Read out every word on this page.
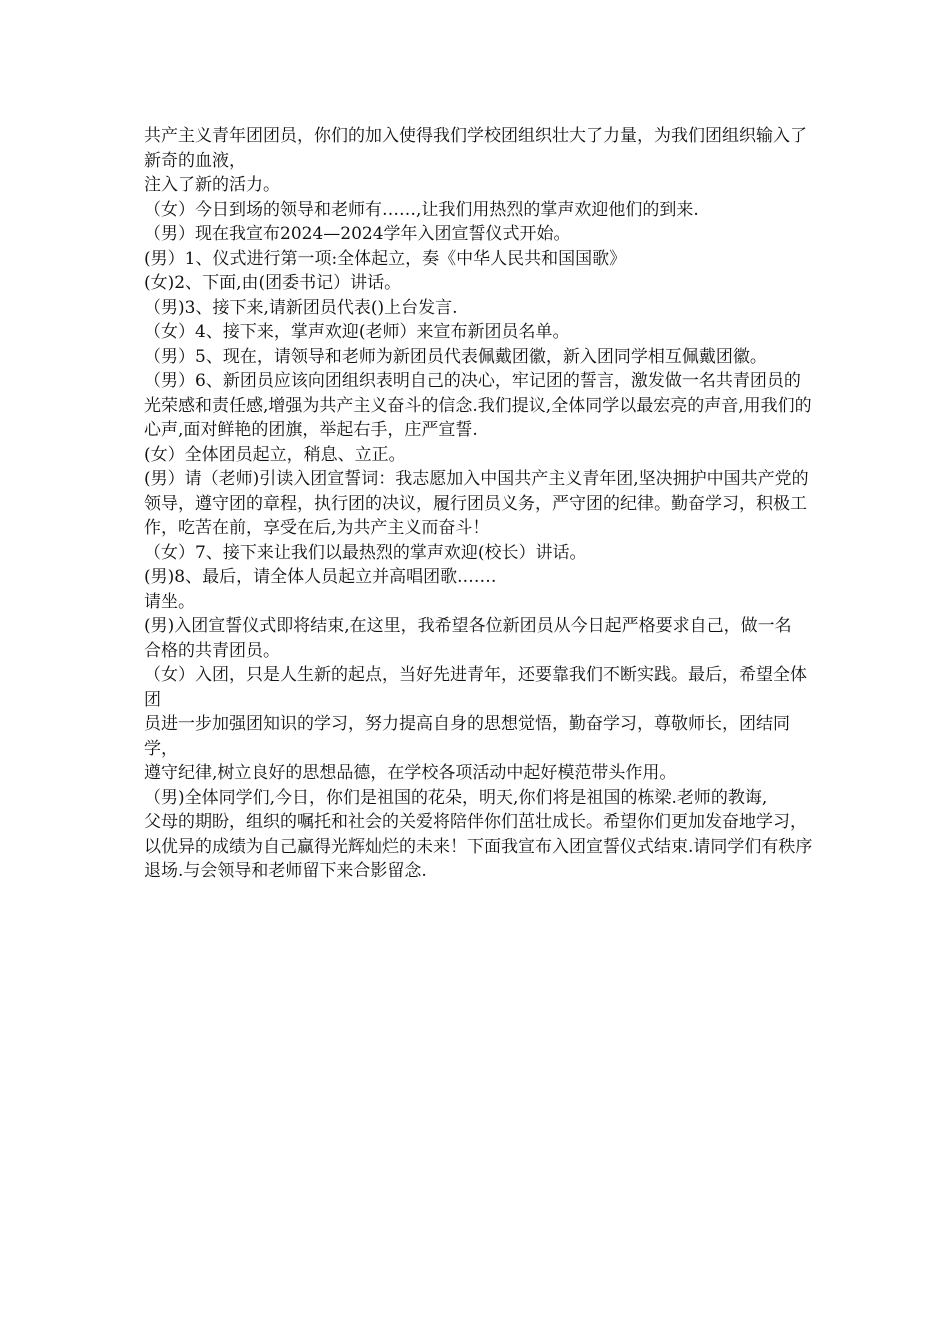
共产主义青年团团员，你们的加入使得我们学校团组织壮大了力量，为我们团组织输入了新奇的血液，

注入了新的活力。

（女）今日到场的领导和老师有……,让我们用热烈的掌声欢迎他们的到来.

（男）现在我宣布2024—2024学年入团宣誓仪式开始。

(男）1、仪式进行第一项:全体起立，奏《中华人民共和国国歌》

(女)2、下面,由(团委书记）讲话。

（男)3、接下来,请新团员代表()上台发言.

（女）4、接下来，掌声欢迎(老师）来宣布新团员名单。

（男）5、现在，请领导和老师为新团员代表佩戴团徽，新入团同学相互佩戴团徽。

（男）6、新团员应该向团组织表明自己的决心，牢记团的誓言，激发做一名共青团员的光荣感和责任感,增强为共产主义奋斗的信念.我们提议,全体同学以最宏亮的声音,用我们的心声,面对鲜艳的团旗，举起右手，庄严宣誓.

(女）全体团员起立，稍息、立正。

(男）请（老师)引读入团宣誓词：我志愿加入中国共产主义青年团,坚决拥护中国共产党的领导，遵守团的章程，执行团的决议，履行团员义务，严守团的纪律。勤奋学习，积极工作，吃苦在前，享受在后,为共产主义而奋斗！

（女）7、接下来让我们以最热烈的掌声欢迎(校长）讲话。

(男)8、最后，请全体人员起立并高唱团歌.……

请坐。

(男)入团宣誓仪式即将结束,在这里，我希望各位新团员从今日起严格要求自己，做一名

合格的共青团员。

（女）入团，只是人生新的起点，当好先进青年，还要靠我们不断实践。最后，希望全体团

员进一步加强团知识的学习，努力提高自身的思想觉悟，勤奋学习，尊敬师长，团结同学，

遵守纪律,树立良好的思想品德，在学校各项活动中起好模范带头作用。

（男)全体同学们,今日，你们是祖国的花朵，明天,你们将是祖国的栋梁.老师的教诲,

父母的期盼，组织的嘱托和社会的关爱将陪伴你们茁壮成长。希望你们更加发奋地学习，以优异的成绩为自己赢得光辉灿烂的未来！下面我宣布入团宣誓仪式结束.请同学们有秩序退场.与会领导和老师留下来合影留念.
